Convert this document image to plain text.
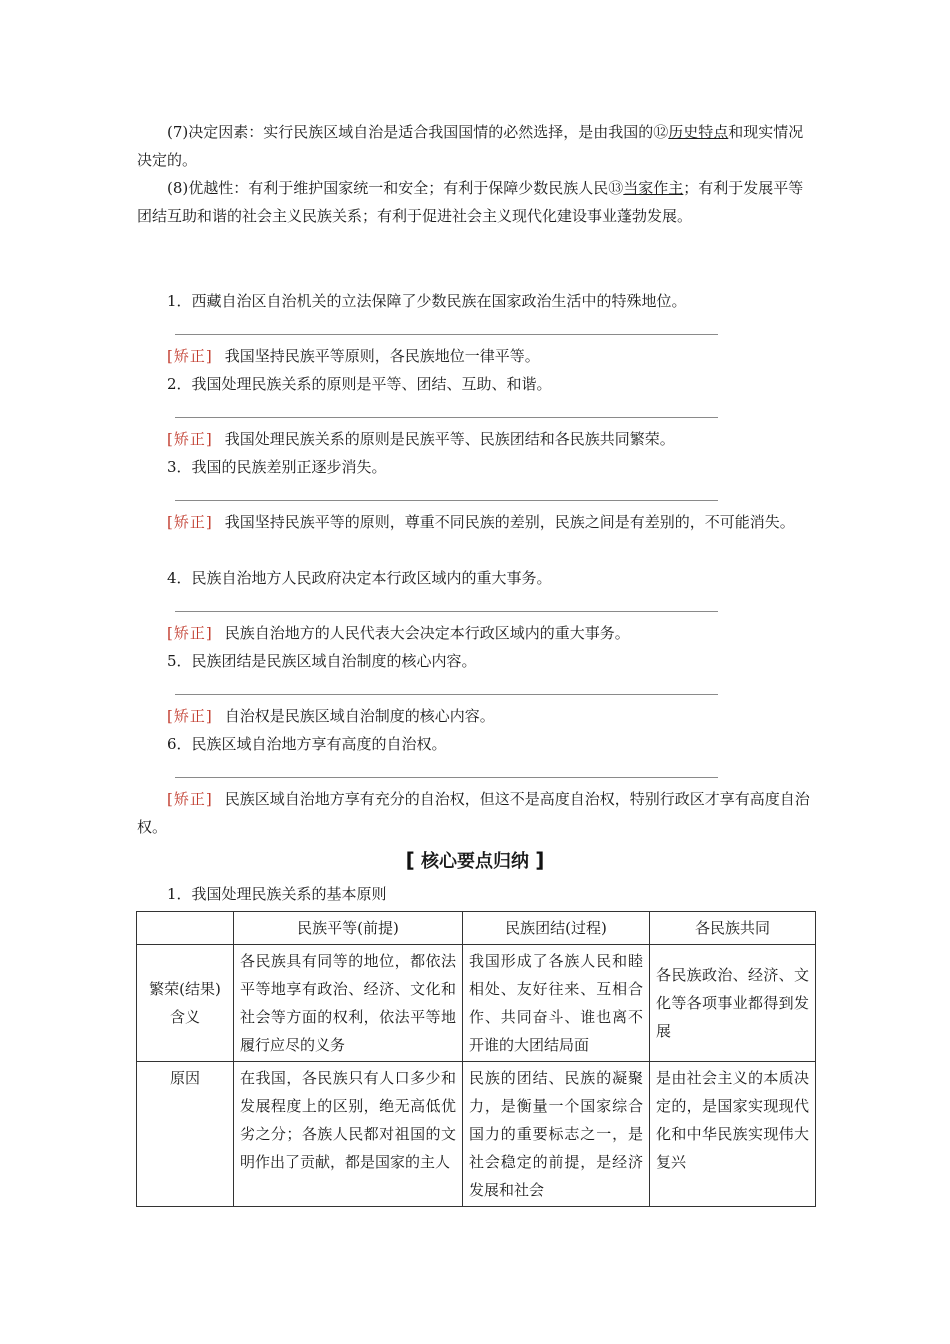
(7)决定因素：实行民族区域自治是适合我国国情的必然选择，是由我国的⑫历史特点和现实情况决定的。

(8)优越性：有利于维护国家统一和安全；有利于保障少数民族人民⑬当家作主；有利于发展平等团结互助和谐的社会主义民族关系；有利于促进社会主义现代化建设事业蓬勃发展。

1．西藏自治区自治机关的立法保障了少数民族在国家政治生活中的特殊地位。
[矫正] 我国坚持民族平等原则，各民族地位一律平等。
2．我国处理民族关系的原则是平等、团结、互助、和谐。
[矫正] 我国处理民族关系的原则是民族平等、民族团结和各民族共同繁荣。
3．我国的民族差别正逐步消失。
[矫正] 我国坚持民族平等的原则，尊重不同民族的差别，民族之间是有差别的，不可能消失。
4．民族自治地方人民政府决定本行政区域内的重大事务。
[矫正] 民族自治地方的人民代表大会决定本行政区域内的重大事务。
5．民族团结是民族区域自治制度的核心内容。
[矫正] 自治权是民族区域自治制度的核心内容。
6．民族区域自治地方享有高度的自治权。
[矫正] 民族区域自治地方享有充分的自治权，但这不是高度自治权，特别行政区才享有高度自治权。
[ 核心要点归纳 ]
1．我国处理民族关系的基本原则
	民族平等(前提)	民族团结(过程)	各民族共同
繁荣(结果)含义	各民族具有同等的地位，都依法平等地享有政治、经济、文化和社会等方面的权利，依法平等地履行应尽的义务	我国形成了各族人民和睦相处、友好往来、互相合作、共同奋斗、谁也离不开谁的大团结局面	各民族政治、经济、文化等各项事业都得到发展
原因	在我国，各民族只有人口多少和发展程度上的区别，绝无高低优劣之分；各族人民都对祖国的文明作出了贡献，都是国家的主人	民族的团结、民族的凝聚力，是衡量一个国家综合国力的重要标志之一，是社会稳定的前提，是经济发展和社会	是由社会主义的本质决定的，是国家实现现代化和中华民族实现伟大复兴
